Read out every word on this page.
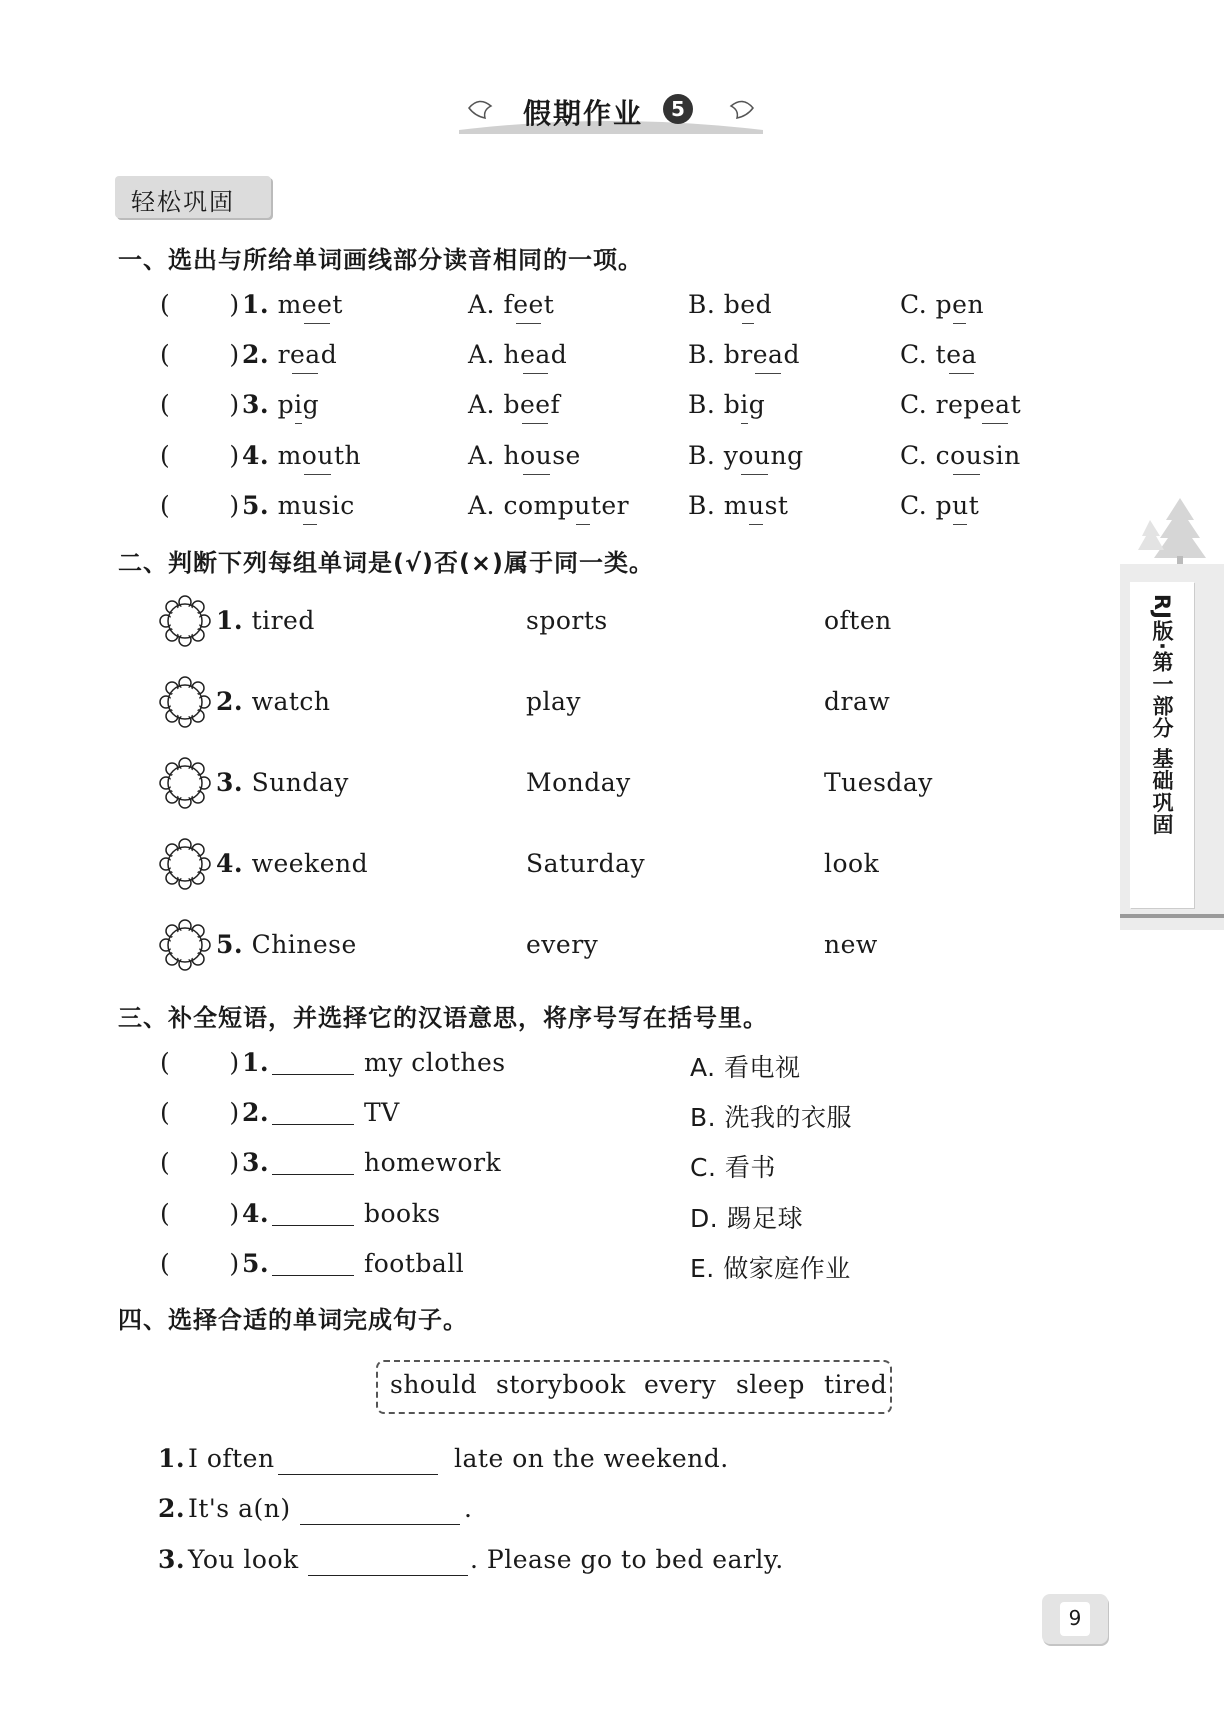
假期作业	5
轻松巩固
一、选出与所给单词画线部分读音相同的一项。
(       ) 1. meet	A. feet	B. bed	C. pen
(       ) 2. read	A. head	B. bread	C. tea
(       ) 3. pig	A. beef	B. big	C. repeat
(       ) 4. mouth	A. house	B. young	C. cousin
(       ) 5. music	A. computer B. must	C. put
二、判断下列每组单词是(√)否(×)属于同一类。
1. tired	sports	often
2. watch	play	draw
3. Sunday	Monday	Tuesday
4. weekend	Saturday	look
5. Chinese	every	new
三、补全短语，并选择它的汉语意思，将序号写在括号里。
(       ) 1.	my clothes	A. 看电视
(       ) 2.	TV	B. 洗我的衣服
(       ) 3.	homework	C. 看书
(       ) 4.	books	D. 踢足球
(       ) 5.	football	E. 做家庭作业
四、选择合适的单词完成句子。
should storybook every sleep tired
1. I often	late on the weekend.
2. It's a(n)	.
3. You look	. Please go to bed early.
RJ版·第一部分 基础巩固
9
